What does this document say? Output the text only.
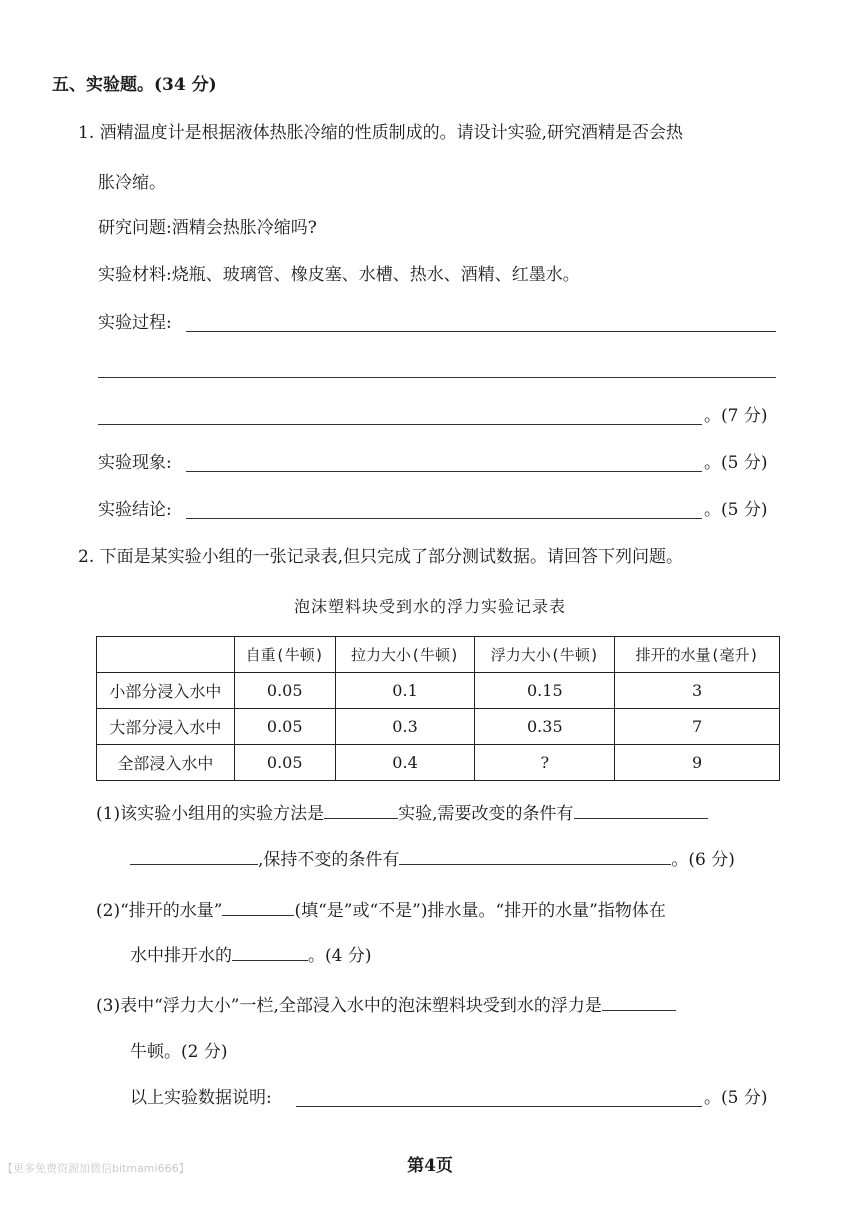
五、实验题。(34 分)
1. 酒精温度计是根据液体热胀冷缩的性质制成的。请设计实验,研究酒精是否会热
胀冷缩。
研究问题:酒精会热胀冷缩吗?
实验材料:烧瓶、玻璃管、橡皮塞、水槽、热水、酒精、红墨水。
实验过程:
。(7 分)
实验现象:	。(5 分)
实验结论:	。(5 分)
2. 下面是某实验小组的一张记录表,但只完成了部分测试数据。请回答下列问题。
泡沫塑料块受到水的浮力实验记录表
	自重(牛顿)	拉力大小(牛顿)	浮力大小(牛顿)	排开的水量(毫升)
小部分浸入水中	0.05	0.1	0.15	3
大部分浸入水中	0.05	0.3	0.35	7
全部浸入水中	0.05	0.4	?	9
(1)该实验小组用的实验方法是	实验,需要改变的条件有
,保持不变的条件有	。(6 分)
(2)“排开的水量”	(填“是”或“不是”)排水量。“排开的水量”指物体在
水中排开水的	。(4 分)
(3)表中“浮力大小”一栏,全部浸入水中的泡沫塑料块受到水的浮力是
牛顿。(2 分)
以上实验数据说明:	。(5 分)
【更多免费资源加微信bitmami666】	第4页
